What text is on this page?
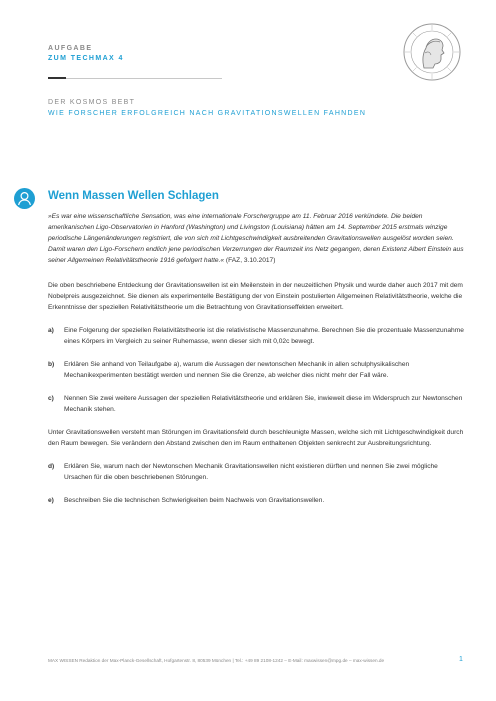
AUFGABE
ZUM TECHMAX 4
DER KOSMOS BEBT
WIE FORSCHER ERFOLGREICH NACH GRAVITATIONSWELLEN FAHNDEN
Wenn Massen Wellen Schlagen

»Es war eine wissenschaftliche Sensation, was eine internationale Forschergruppe am 11. Februar 2016 verkündete. Die beiden amerikanischen Ligo-Observatorien in Hanford (Washington) und Livingston (Louisiana) hätten am 14. September 2015 erstmals winzige periodische Längenänderungen registriert, die von sich mit Lichtgeschwindigkeit ausbreitenden Gravitationswellen ausgelöst worden seien. Damit waren den Ligo-Forschern endlich jene periodischen Verzerrungen der Raumzeit ins Netz gegangen, deren Existenz Albert Einstein aus seiner Allgemeinen Relativitätstheorie 1916 gefolgert hatte.« (FAZ, 3.10.2017)

Die oben beschriebene Entdeckung der Gravitationswellen ist ein Meilenstein in der neuzeitlichen Physik und wurde daher auch 2017 mit dem Nobelpreis ausgezeichnet. Sie dienen als experimentelle Bestätigung der von Einstein postulierten Allgemeinen Relativitätstheorie, welche die Erkenntnisse der speziellen Relativitätstheorie um die Betrachtung von Gravitationseffekten erweitert.

a)	Eine Folgerung der speziellen Relativitätstheorie ist die relativistische Massenzunahme. Berechnen Sie die prozentuale Massenzunahme eines Körpers im Vergleich zu seiner Ruhemasse, wenn dieser sich mit 0,02c bewegt.
b)	Erklären Sie anhand von Teilaufgabe a), warum die Aussagen der newtonschen Mechanik in allen schulphysikalischen Mechanikexperimenten bestätigt werden und nennen Sie die Grenze, ab welcher dies nicht mehr der Fall wäre.
c)	Nennen Sie zwei weitere Aussagen der speziellen Relativitätstheorie und erklären Sie, inwieweit diese im Widerspruch zur Newtonschen Mechanik stehen.

Unter Gravitationswellen versteht man Störungen im Gravitationsfeld durch beschleunigte Massen, welche sich mit Lichtgeschwindigkeit durch den Raum bewegen. Sie verändern den Abstand zwischen den im Raum enthaltenen Objekten senkrecht zur Ausbreitungsrichtung.

d)	Erklären Sie, warum nach der Newtonschen Mechanik Gravitationswellen nicht existieren dürften und nennen Sie zwei mögliche Ursachen für die oben beschriebenen Störungen.
e)	Beschreiben Sie die technischen Schwierigkeiten beim Nachweis von Gravitationswellen.
MAX WISSEN Redaktion der Max-Planck-Gesellschaft, Hofgartenstr. 8, 80539 München | Tel.: +49 89 2108-1242 – E-Mail: maxwissen@mpg.de – max-wissen.de	1
